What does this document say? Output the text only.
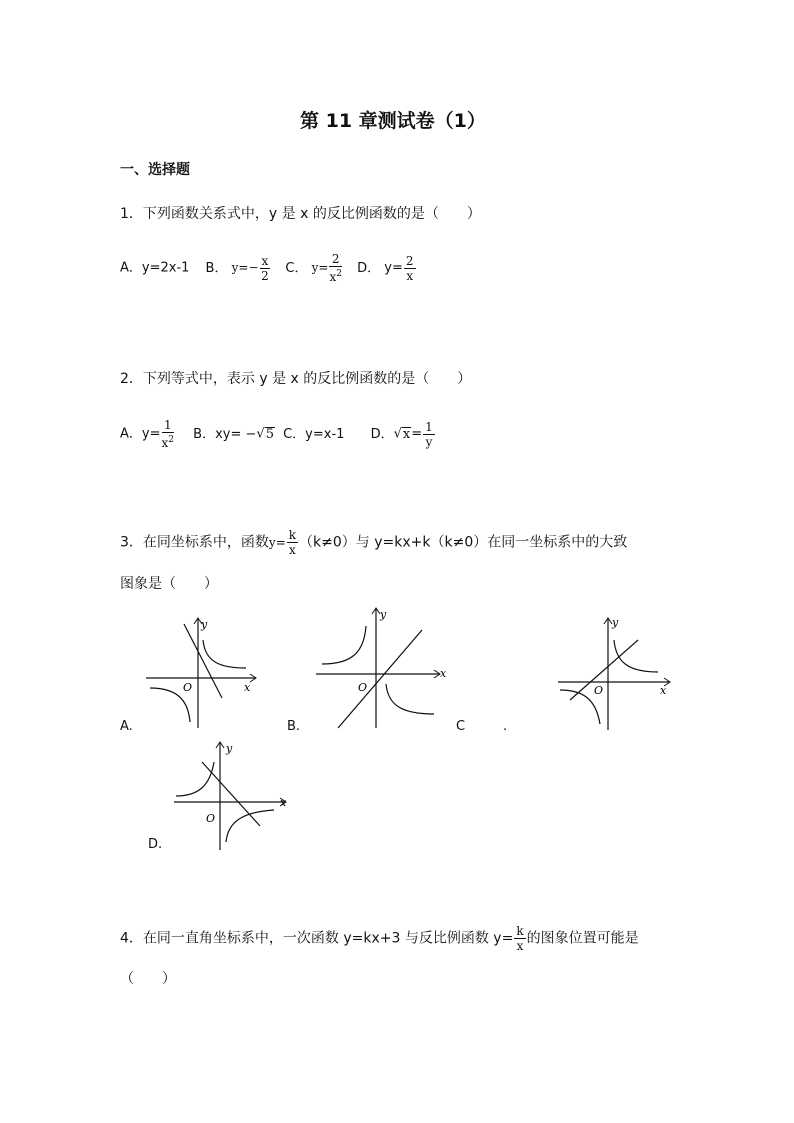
第 11 章测试卷（1）
一、选择题
1．下列函数关系式中，y 是 x 的反比例函数的是（　　）
A．y=2x-1 B． $y=- \frac{x}{2}$ C． $y= \frac{2}{x^2}$ D． $y= \frac{2}{x}$
2．下列等式中，表示 y 是 x 的反比例函数的是（　　）
A．$y= \frac{1}{x^2}$ B．xy= −√5 C．y=x-1 D．$√x= \frac{1}{y}$
3．在同坐标系中，函数$y= \frac{k}{x} (k\ne 0)$与 y=kx+k（k≠0）在同一坐标系中的大致
图象是（　　）
O	x
y
A.
O
x
y
B.
O	x
y
C	.
O
x
y
D.
4．在同一直角坐标系中，一次函数 y=kx+3 与反比例函数 $y= \frac{k}{x}$ 的图象位置可能是
（　　）
